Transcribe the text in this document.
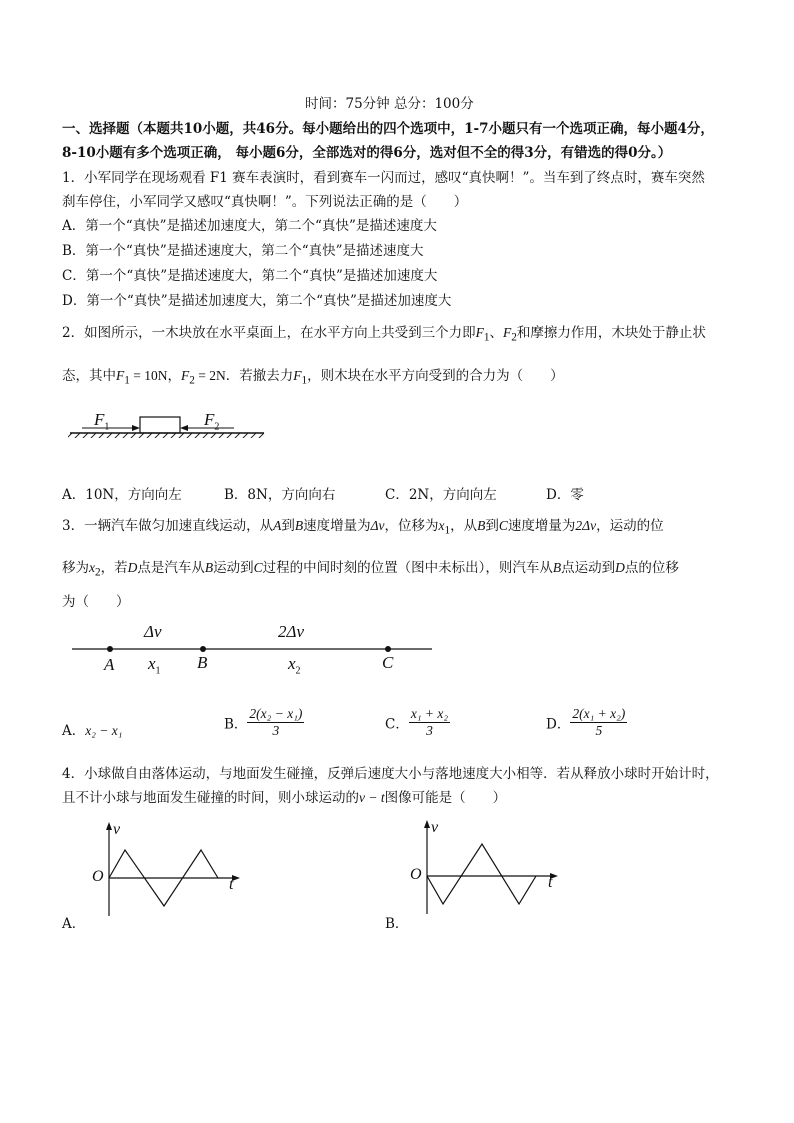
时间：75分钟 总分：100分
一、选择题（本题共10小题，共46分。每小题给出的四个选项中，1-7小题只有一个选项正确，每小题4分，
8-10小题有多个选项正确， 每小题6分，全部选对的得6分，选对但不全的得3分，有错选的得0分。）
1．小军同学在现场观看 F1 赛车表演时，看到赛车一闪而过，感叹“真快啊！”。当车到了终点时，赛车突然
刹车停住，小军同学又感叹“真快啊！”。下列说法正确的是（　　）
A．第一个“真快”是描述加速度大，第二个“真快”是描述速度大
B．第一个“真快”是描述速度大，第二个“真快”是描述速度大
C．第一个“真快”是描述速度大，第二个“真快”是描述加速度大
D．第一个“真快”是描述加速度大，第二个“真快”是描述加速度大
2．如图所示，一木块放在水平桌面上，在水平方向上共受到三个力即$F_1$、$F_2$和摩擦力作用，木块处于静止状
态，其中$F_1 = 10N$，$F_2 = 2N$．若撤去力$F_1$，则木块在水平方向受到的合力为（　　）
$F_1$	$F_2$
A．10N，方向向左	B．8N，方向向右	C．2N，方向向左	D．零
3．一辆汽车做匀加速直线运动，从A到B速度增量为Δv，位移为$x_1$，从B到C速度增量为2Δv，运动的位
移为$x_2$，若D点是汽车从B运动到C过程的中间时刻的位置（图中未标出），则汽车从B点运动到D点的位移
为（　　）
Δv	2Δv
A	B	C
$x_1$	$x_2$
A．x₂ − x₁	B． $\frac{\text{2(x₂ − x₁)}}{3}$	C． $\frac{\text{x₁ + x₂}}{3}$	D． $\frac{\text{2(x₁ + x₂)}}{5}$
4．小球做自由落体运动，与地面发生碰撞，反弹后速度大小与落地速度大小相等．若从释放小球时开始计时，
且不计小球与地面发生碰撞的时间，则小球运动的v − t图像可能是（　　）
v
t
O
A．
v
t
O
B．
